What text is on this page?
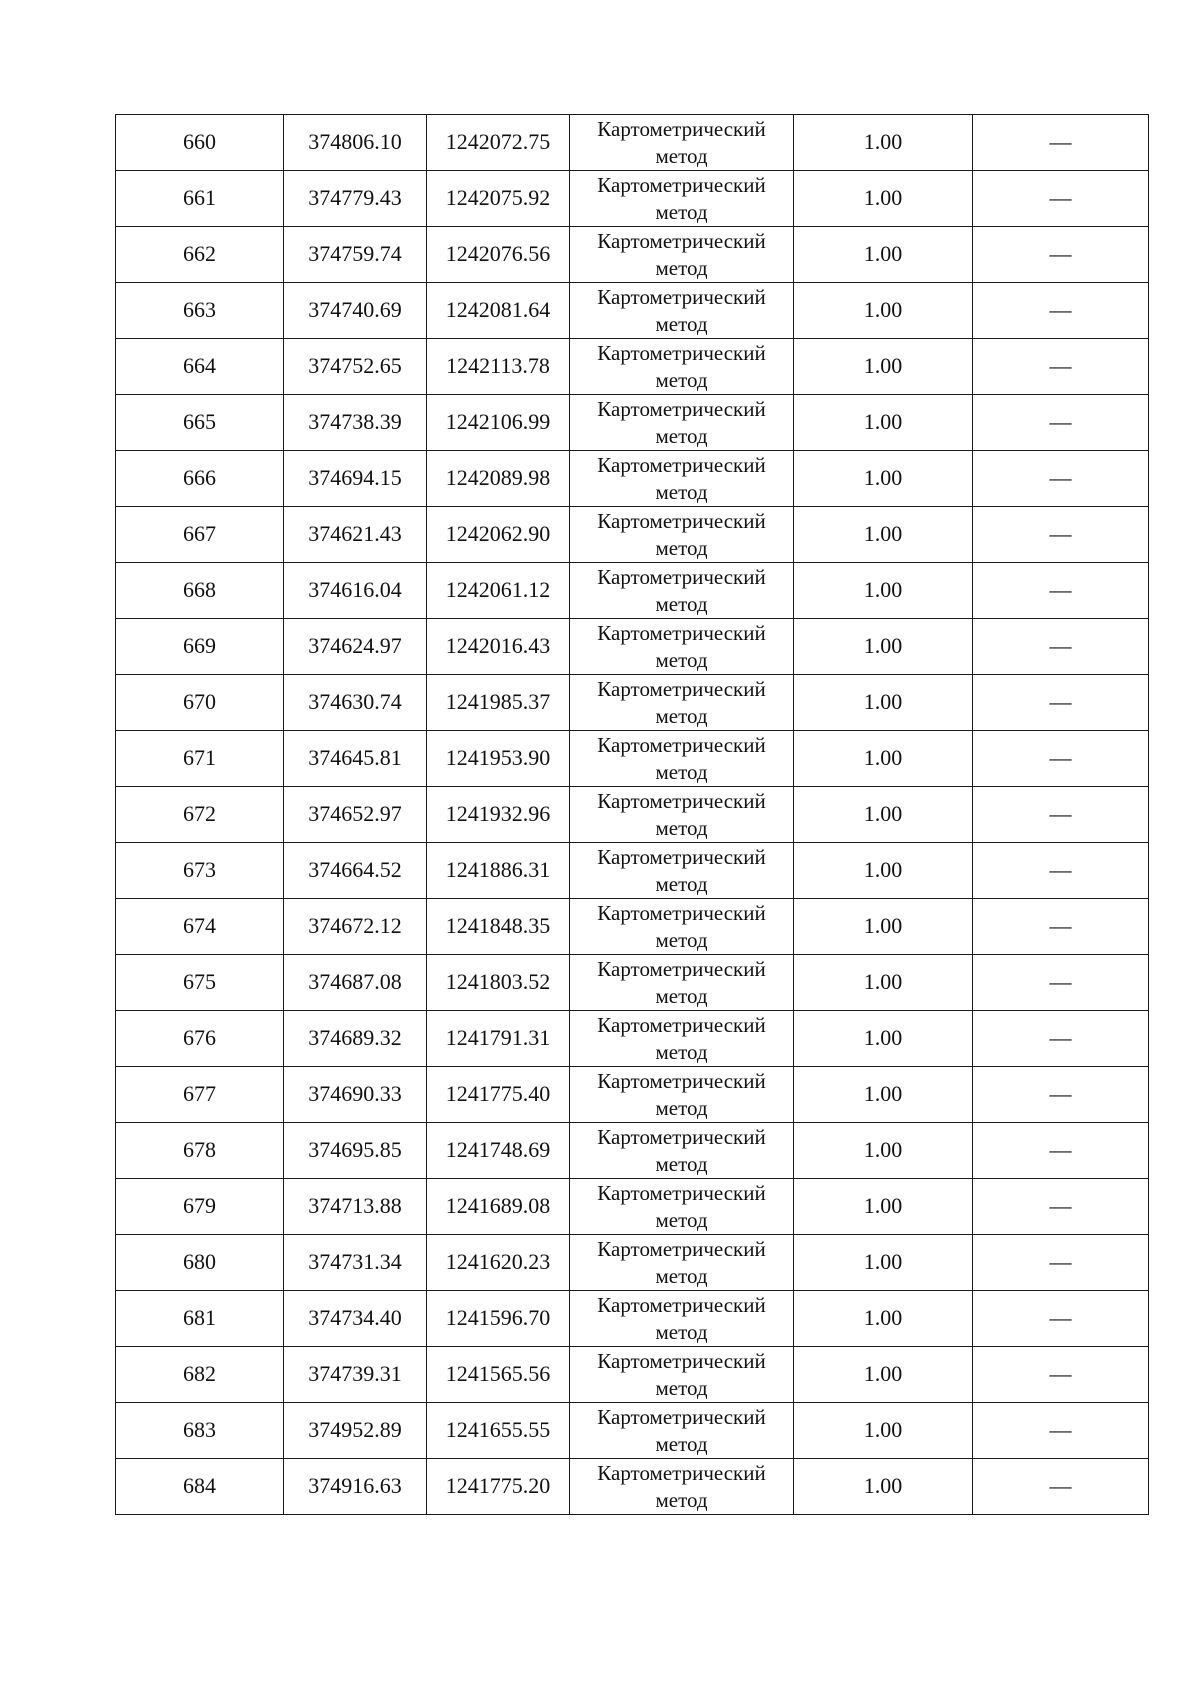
660	374806.10	1242072.75	Картометрический метод	1.00	—
661	374779.43	1242075.92	Картометрический метод	1.00	—
662	374759.74	1242076.56	Картометрический метод	1.00	—
663	374740.69	1242081.64	Картометрический метод	1.00	—
664	374752.65	1242113.78	Картометрический метод	1.00	—
665	374738.39	1242106.99	Картометрический метод	1.00	—
666	374694.15	1242089.98	Картометрический метод	1.00	—
667	374621.43	1242062.90	Картометрический метод	1.00	—
668	374616.04	1242061.12	Картометрический метод	1.00	—
669	374624.97	1242016.43	Картометрический метод	1.00	—
670	374630.74	1241985.37	Картометрический метод	1.00	—
671	374645.81	1241953.90	Картометрический метод	1.00	—
672	374652.97	1241932.96	Картометрический метод	1.00	—
673	374664.52	1241886.31	Картометрический метод	1.00	—
674	374672.12	1241848.35	Картометрический метод	1.00	—
675	374687.08	1241803.52	Картометрический метод	1.00	—
676	374689.32	1241791.31	Картометрический метод	1.00	—
677	374690.33	1241775.40	Картометрический метод	1.00	—
678	374695.85	1241748.69	Картометрический метод	1.00	—
679	374713.88	1241689.08	Картометрический метод	1.00	—
680	374731.34	1241620.23	Картометрический метод	1.00	—
681	374734.40	1241596.70	Картометрический метод	1.00	—
682	374739.31	1241565.56	Картометрический метод	1.00	—
683	374952.89	1241655.55	Картометрический метод	1.00	—
684	374916.63	1241775.20	Картометрический метод	1.00	—
